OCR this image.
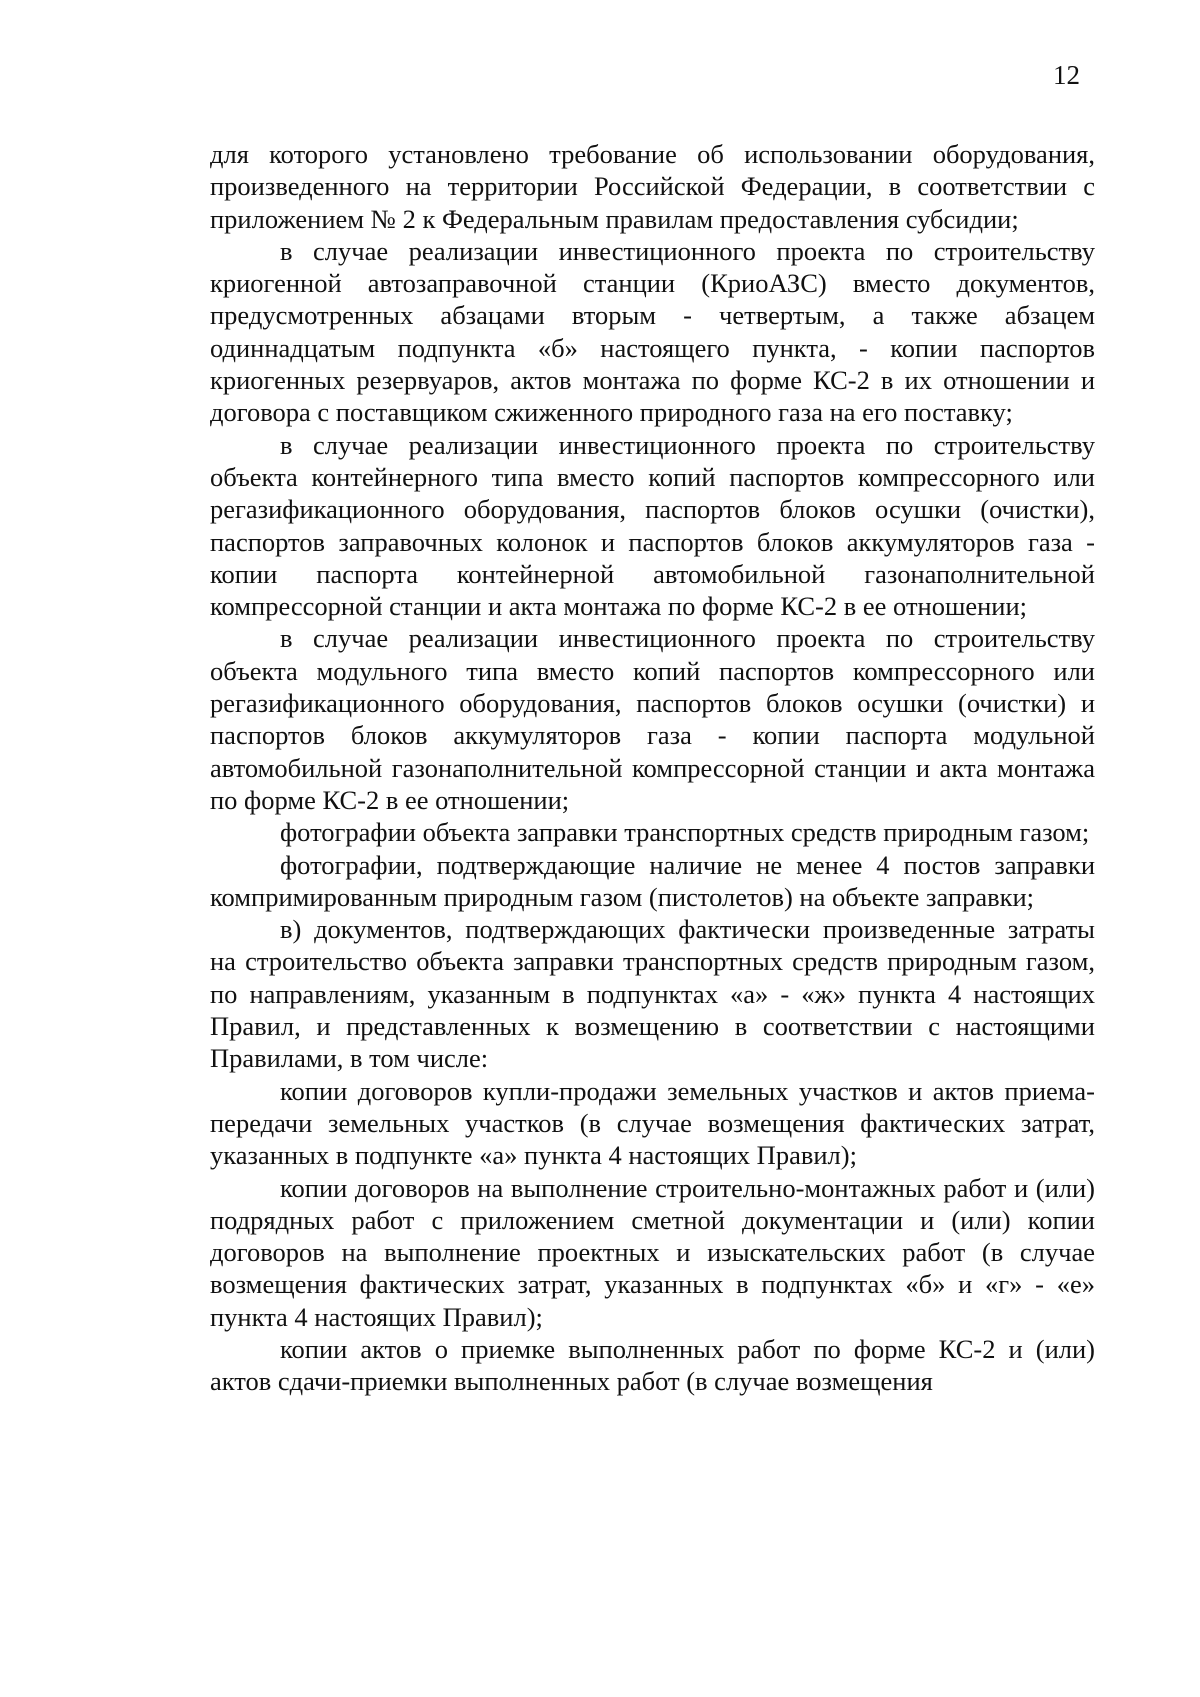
12

для которого установлено требование об использовании оборудования, произведенного на территории Российской Федерации, в соответствии с приложением № 2 к Федеральным правилам предоставления субсидии;

в случае реализации инвестиционного проекта по строительству криогенной автозаправочной станции (КриоАЗС) вместо документов, предусмотренных абзацами вторым - четвертым, а также абзацем одиннадцатым подпункта «б» настоящего пункта, - копии паспортов криогенных резервуаров, актов монтажа по форме КС-2 в их отношении и договора с поставщиком сжиженного природного газа на его поставку;

в случае реализации инвестиционного проекта по строительству объекта контейнерного типа вместо копий паспортов компрессорного или регазификационного оборудования, паспортов блоков осушки (очистки), паспортов заправочных колонок и паспортов блоков аккумуляторов газа - копии паспорта контейнерной автомобильной газонаполнительной компрессорной станции и акта монтажа по форме КС-2 в ее отношении;

в случае реализации инвестиционного проекта по строительству объекта модульного типа вместо копий паспортов компрессорного или регазификационного оборудования, паспортов блоков осушки (очистки) и паспортов блоков аккумуляторов газа - копии паспорта модульной автомобильной газонаполнительной компрессорной станции и акта монтажа по форме КС-2 в ее отношении;

фотографии объекта заправки транспортных средств природным газом;

фотографии, подтверждающие наличие не менее 4 постов заправки компримированным природным газом (пистолетов) на объекте заправки;

в) документов, подтверждающих фактически произведенные затраты на строительство объекта заправки транспортных средств природным газом, по направлениям, указанным в подпунктах «а» - «ж» пункта 4 настоящих Правил, и представленных к возмещению в соответствии с настоящими Правилами, в том числе:

копии договоров купли-продажи земельных участков и актов приема-передачи земельных участков (в случае возмещения фактических затрат, указанных в подпункте «а» пункта 4 настоящих Правил);

копии договоров на выполнение строительно-монтажных работ и (или) подрядных работ с приложением сметной документации и (или) копии договоров на выполнение проектных и изыскательских работ (в случае возмещения фактических затрат, указанных в подпунктах «б» и «г» - «е» пункта 4 настоящих Правил);

копии актов о приемке выполненных работ по форме КС-2 и (или) актов сдачи-приемки выполненных работ (в случае возмещения
